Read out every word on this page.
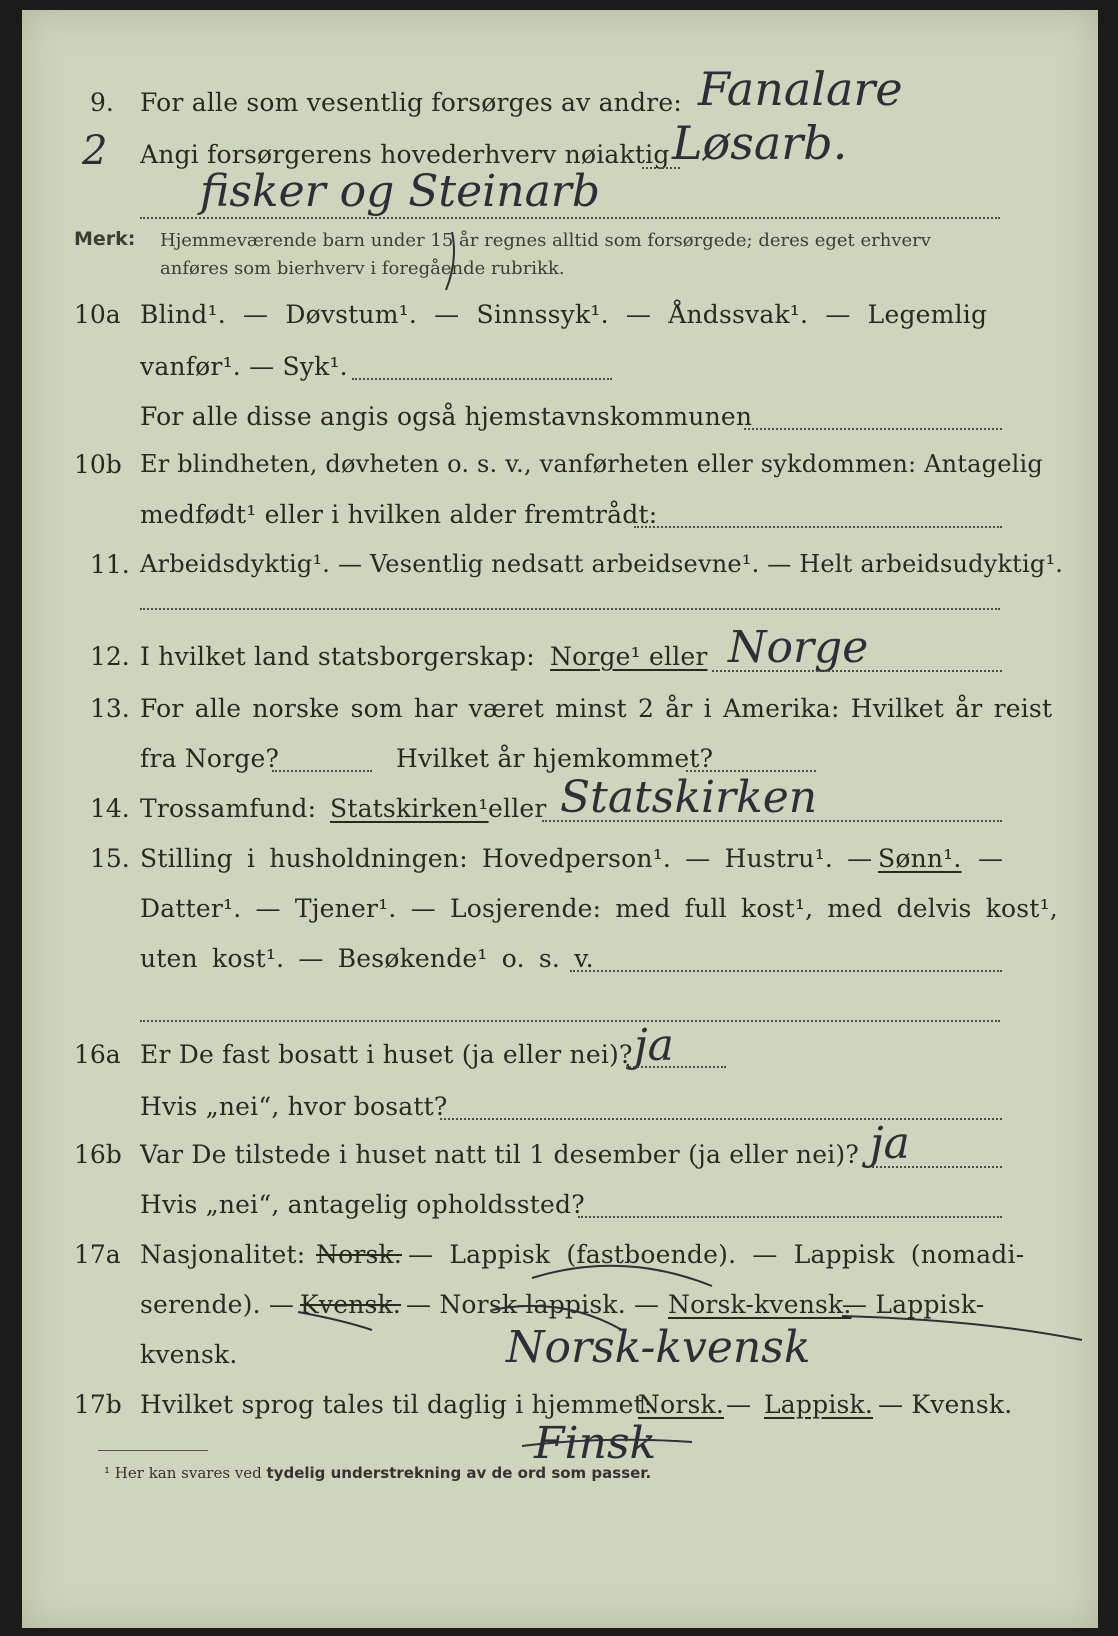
9. For alle som vesentlig forsørges av andre: Fanalare
2 Angi forsørgerens hovederhverv nøiaktig Løsarb.
fisker og Steinarb
Merk: Hjemmeværende barn under 15 år regnes alltid som forsørgede; deres eget erhverv
anføres som bierhverv i foregående rubrikk.
10a Blind¹. — Døvstum¹. — Sinnssyk¹. — Åndssvak¹. — Legemlig
vanfør¹. — Syk¹.
For alle disse angis også hjemstavnskommunen
10b Er blindheten, døvheten o. s. v., vanførheten eller sykdommen: Antagelig
medfødt¹ eller i hvilken alder fremtrådt:
11. Arbeidsdyktig¹. — Vesentlig nedsatt arbeidsevne¹. — Helt arbeidsudyktig¹.
12. I hvilket land statsborgerskap: Norge¹ eller Norge
13. For alle norske som har været minst 2 år i Amerika: Hvilket år reist
fra Norge?	Hvilket år hjemkommet?
14. Trossamfund: Statskirken¹ eller Statskirken
15. Stilling i husholdningen: Hovedperson¹. — Hustru¹. — Sønn¹. —
Datter¹. — Tjener¹. — Losjerende: med full kost¹, med delvis kost¹,
uten kost¹. — Besøkende¹ o. s. v.
16a Er De fast bosatt i huset (ja eller nei)? ja
Hvis „nei“, hvor bosatt?
16b Var De tilstede i huset natt til 1 desember (ja eller nei)? ja
Hvis „nei“, antagelig opholdssted?
17a Nasjonalitet: Norsk. — Lappisk (fastboende). — Lappisk (nomadi-
serende). — Kvensk. — Norsk-lappisk. — Norsk-kvensk.
— Lappisk-
kvensk.	Norsk-kvensk
17b Hvilket sprog tales til daglig i hjemmet:
Norsk. — Lappisk. — Kvensk.
Finsk
¹ Her kan svares ved tydelig understrekning av de ord som passer.
